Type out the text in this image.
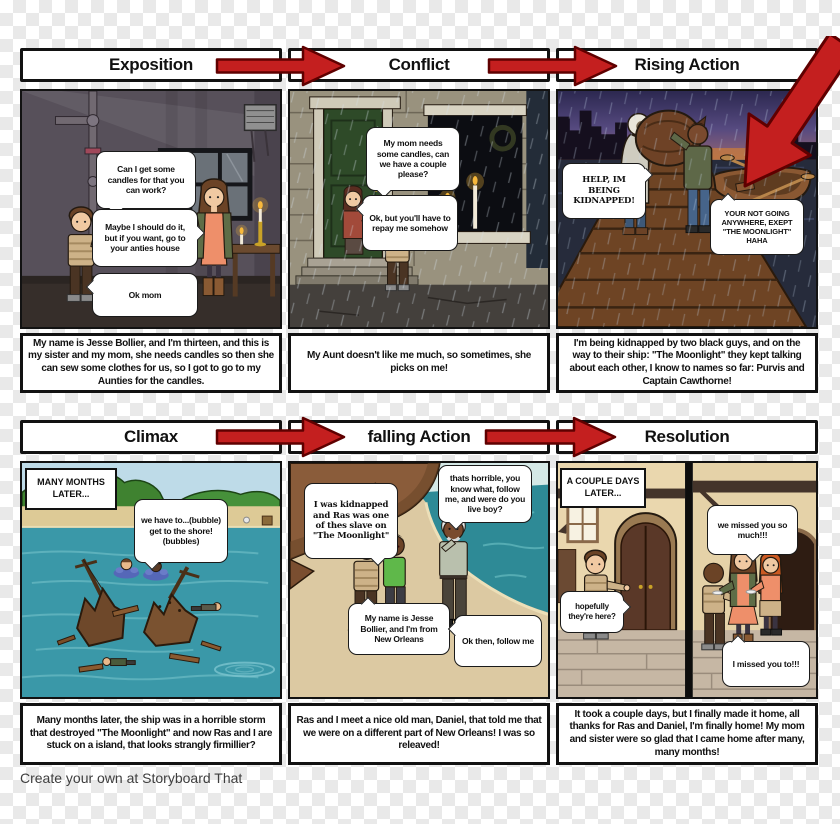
Exposition	Conflict	Rising Action
Climax	falling Action	Resolution
Can I get some candles for that you can work?
Maybe I should do it, but if you want, go to your anties house
Ok mom
My mom needs some candles, can we have a couple please?
Ok, but you'll have to repay me somehow
HELP, IM BEING KIDNAPPED!
YOUR NOT GOING ANYWHERE, EXEPT "THE MOONLIGHT" HAHA
MANY MONTHS LATER...
we have to...(bubble) get to the shore! (bubbles)
I was kidnapped and Ras was one of thes slave on "The Moonlight"
thats horrible, you know what, follow me, and were do you live boy?
My name is Jesse Bollier, and I'm from New Orleans	Ok then, follow me
A COUPLE DAYS LATER...
we missed you so much!!!
hopefully they're here?
I missed you to!!!
My name is Jesse Bollier, and I'm thirteen, and this is my sister and my mom, she needs candles so then she can sew some clothes for us, so I got to go to my Aunties for the candles.
My Aunt doesn't like me much, so sometimes, she picks on me!
I'm being kidnapped by two black guys, and on the way to their ship: "The Moonlight" they kept talking about each other, I know to names so far: Purvis and Captain Cawthorne!
Many months later, the ship was in a horrible storm that destroyed "The Moonlight" and now Ras and I are stuck on a island, that looks strangly firmillier?
Ras and I meet a nice old man, Daniel, that told me that we were on a different part of New Orleans! I was so releaved!
It took a couple days, but I finally made it home, all thanks for Ras and Daniel, I'm finally home! My mom and sister were so glad that I came home after many, many months!
Create your own at Storyboard That
